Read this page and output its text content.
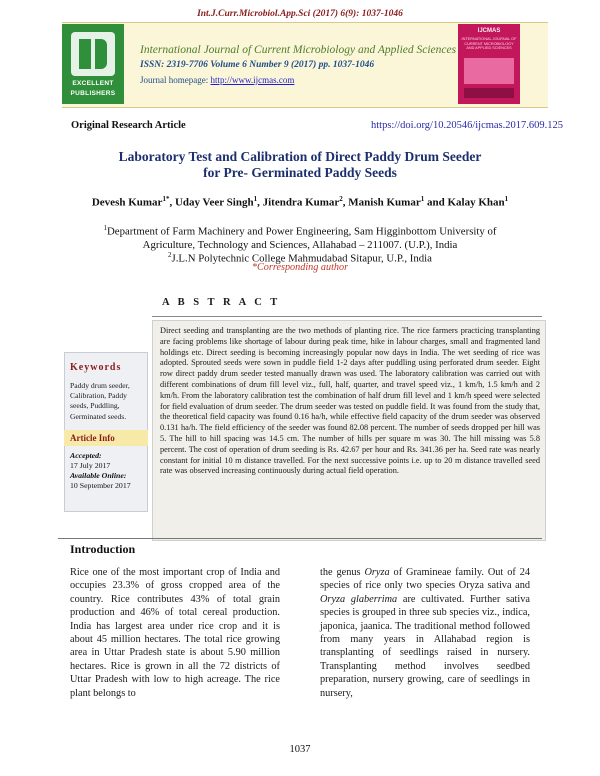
Int.J.Curr.Microbiol.App.Sci (2017) 6(9): 1037-1046
EXCELLENT
PUBLISHERS
International Journal of Current Microbiology and Applied Sciences
ISSN: 2319-7706 Volume 6 Number 9 (2017) pp. 1037-1046
Journal homepage: http://www.ijcmas.com
IJCMAS
INTERNATIONAL JOURNAL OF CURRENT MICROBIOLOGY AND APPLIED SCIENCES
Original Research Article	https://doi.org/10.20546/ijcmas.2017.609.125
Laboratory Test and Calibration of Direct Paddy Drum Seeder
for Pre- Germinated Paddy Seeds
Devesh Kumar$^{1*}$, Uday Veer Singh$^1$, Jitendra Kumar$^2$, Manish Kumar$^1$ and Kalay Khan$^1$
$^1$Department of Farm Machinery and Power Engineering, Sam Higginbottom University of
Agriculture, Technology and Sciences, Allahabad – 211007. (U.P.), India
$^2$J.L.N Polytechnic College Mahmudabad Sitapur, U.P., India
*Corresponding author
A B S T R A C T
Direct seeding and transplanting are the two methods of planting rice. The rice farmers practicing transplanting are facing problems like shortage of labour during peak time, hike in labour charges, small and fragmented land holdings etc. Direct seeding is becoming increasingly popular now days in India. The wet seeding of rice was adopted. Sprouted seeds were sown in puddle field 1-2 days after puddling using perforated drum seeder. Eight row direct paddy drum seeder tested manually drawn was used. The laboratory calibration was carried out with different combinations of drum fill level viz., full, half, quarter, and travel speed viz., 1 km/h, 1.5 km/h and 2 km/h. From the laboratory calibration test the combination of half drum fill level and 1 km/h speed were selected for field evaluation of drum seeder. The drum seeder was tested on puddle field. It was found from the study that, the theoretical field capacity was found 0.16 ha/h, while effective field capacity of the drum seeder was observed 0.131 ha/h. The field efficiency of the seeder was found 82.08 percent. The number of seeds dropped per hill was 5. The hill to hill spacing was 14.5 cm. The number of hills per square m was 30. The hill missing was 5.8 percent. The cost of operation of drum seeding is Rs. 42.67 per hour and Rs. 341.36 per ha. Seed rate was nearly constant for initial 10 m distance travelled. For the next successive points i.e. up to 20 m distance travelled seed rate was observed increasing continuously during actual field operation.
Keywords
Paddy drum seeder, Calibration, Paddy seeds, Puddling, Germinated seeds.
Article Info
Accepted:
17 July 2017
Available Online:
10 September 2017
Introduction
Rice one of the most important crop of India and occupies 23.3% of gross cropped area of the country. Rice contributes 43% of total grain production and 46% of total cereal production. India has largest area under rice crop and it is about 45 million hectares. The total rice growing area in Uttar Pradesh state is about 5.90 million hectares. Rice is grown in all the 72 districts of Uttar Pradesh with low to high acreage. The rice plant belongs to
the genus Oryza of Gramineae family. Out of 24 species of rice only two species Oryza sativa and Oryza glaberrima are cultivated. Further sativa species is grouped in three sub species viz., indica, japonica, jaanica. The traditional method followed from many years in Allahabad region is transplanting of seedlings raised in nursery. Transplanting method involves seedbed preparation, nursery growing, care of seedlings in nursery,
1037
